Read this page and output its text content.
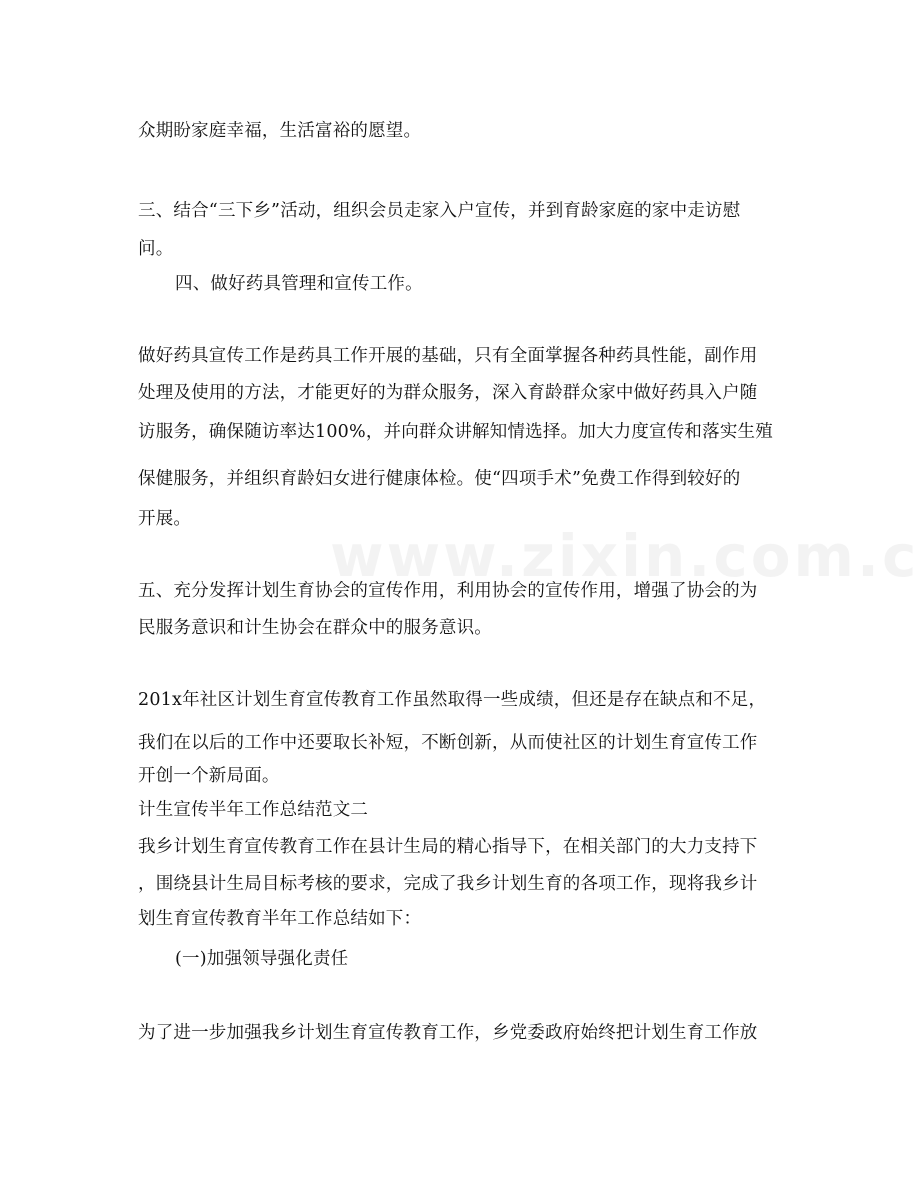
众期盼家庭幸福，生活富裕的愿望。
三、结合“三下乡”活动，组织会员走家入户宣传，并到育龄家庭的家中走访慰
问。
四、做好药具管理和宣传工作。
做好药具宣传工作是药具工作开展的基础，只有全面掌握各种药具性能，副作用
处理及使用的方法，才能更好的为群众服务，深入育龄群众家中做好药具入户随
访服务，确保随访率达100%，并向群众讲解知情选择。加大力度宣传和落实生殖
保健服务，并组织育龄妇女进行健康体检。使“四项手术”免费工作得到较好的
开展。
五、充分发挥计划生育协会的宣传作用，利用协会的宣传作用，增强了协会的为
民服务意识和计生协会在群众中的服务意识。
201x年社区计划生育宣传教育工作虽然取得一些成绩，但还是存在缺点和不足，
我们在以后的工作中还要取长补短，不断创新，从而使社区的计划生育宣传工作
开创一个新局面。
计生宣传半年工作总结范文二
我乡计划生育宣传教育工作在县计生局的精心指导下，在相关部门的大力支持下
，围绕县计生局目标考核的要求，完成了我乡计划生育的各项工作，现将我乡计
划生育宣传教育半年工作总结如下：
(一)加强领导强化责任
为了进一步加强我乡计划生育宣传教育工作，乡党委政府始终把计划生育工作放
